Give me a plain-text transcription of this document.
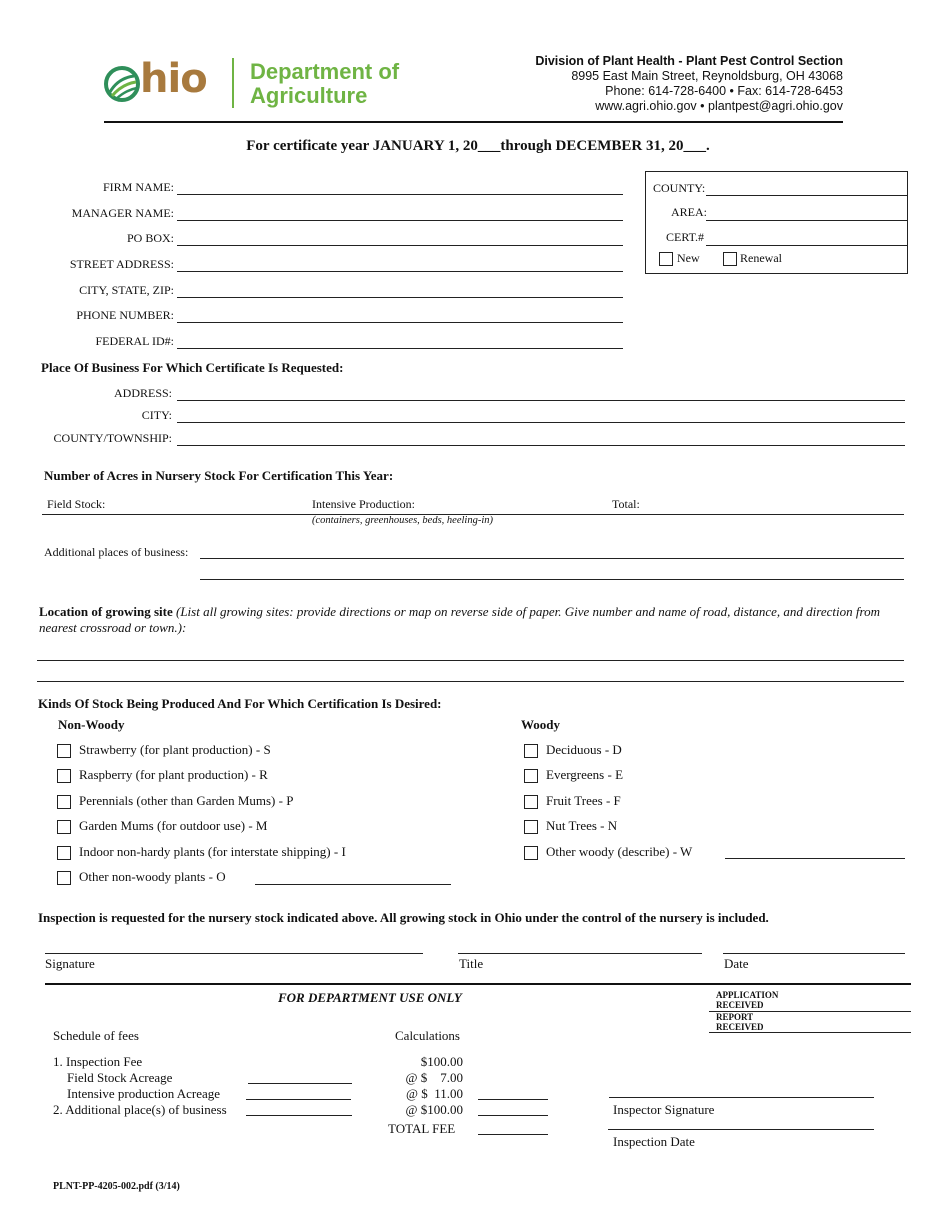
hio Department of
Agriculture
Division of Plant Health - Plant Pest Control Section
8995 East Main Street, Reynoldsburg, OH 43068
Phone: 614-728-6400 • Fax: 614-728-6453
www.agri.ohio.gov • plantpest@agri.ohio.gov
For certificate year JANUARY 1, 20___through DECEMBER 31, 20___.
FIRM NAME:
MANAGER NAME:
PO BOX:
STREET ADDRESS:
CITY, STATE, ZIP:
PHONE NUMBER:
FEDERAL ID#:
COUNTY:
AREA:
CERT.#
New	Renewal
Place Of Business For Which Certificate Is Requested:
ADDRESS:
CITY:
COUNTY/TOWNSHIP:
Number of Acres in Nursery Stock For Certification This Year:
Field Stock:	Intensive Production:	Total:
(containers, greenhouses, beds, heeling-in)
Additional places of business:
Location of growing site (List all growing sites: provide directions or map on reverse side of paper. Give number and name of road, distance, and direction from nearest crossroad or town.):
Kinds Of Stock Being Produced And For Which Certification Is Desired:
Non-Woody	Woody
Strawberry (for plant production) - S
Raspberry (for plant production) - R
Perennials (other than Garden Mums) - P
Garden Mums (for outdoor use) - M
Indoor non-hardy plants (for interstate shipping) - I
Other non-woody plants - O
Deciduous - D
Evergreens - E
Fruit Trees - F
Nut Trees - N
Other woody (describe) - W
Inspection is requested for the nursery stock indicated above. All growing stock in Ohio under the control of the nursery is included.
Signature	Title	Date
FOR DEPARTMENT USE ONLY	APPLICATION
RECEIVED
REPORT
RECEIVED
Schedule of fees	Calculations
1. Inspection Fee	$100.00
Field Stock Acreage	@ $    7.00
Intensive production Acreage	@ $  11.00
2. Additional place(s) of business	@ $100.00
TOTAL FEE
Inspector Signature
Inspection Date
PLNT-PP-4205-002.pdf (3/14)
